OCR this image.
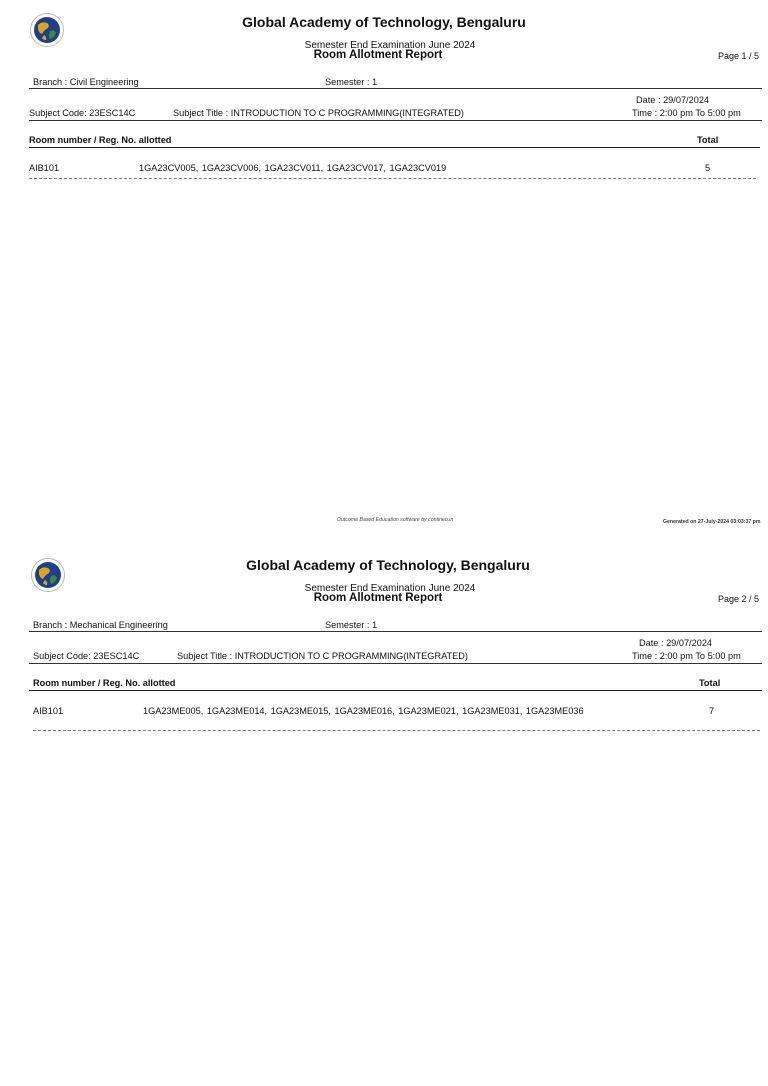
Global Academy of Technology, Bengaluru
Semester End Examination June 2024
Room Allotment Report	Page 1 / 5
Branch : Civil Engineering	Semester : 1
Date : 29/07/2024
Subject Code: 23ESC14C	Subject Title : INTRODUCTION TO C PROGRAMMING(INTEGRATED)	Time : 2:00 pm To 5:00 pm
Room number / Reg. No. allotted	Total
AIB101	1GA23CV005, 1GA23CV006, 1GA23CV011, 1GA23CV017, 1GA23CV019	5
Outcome Based Education software by contineo.in	Generated on 27-July-2024 03:03:37 pm
Global Academy of Technology, Bengaluru
Semester End Examination June 2024
Room Allotment Report	Page 2 / 5
Branch : Mechanical Engineering	Semester : 1
Date : 29/07/2024
Subject Code: 23ESC14C	Subject Title : INTRODUCTION TO C PROGRAMMING(INTEGRATED)	Time : 2:00 pm To 5:00 pm
Room number / Reg. No. allotted	Total
AIB101	1GA23ME005, 1GA23ME014, 1GA23ME015, 1GA23ME016, 1GA23ME021, 1GA23ME031, 1GA23ME036	7
